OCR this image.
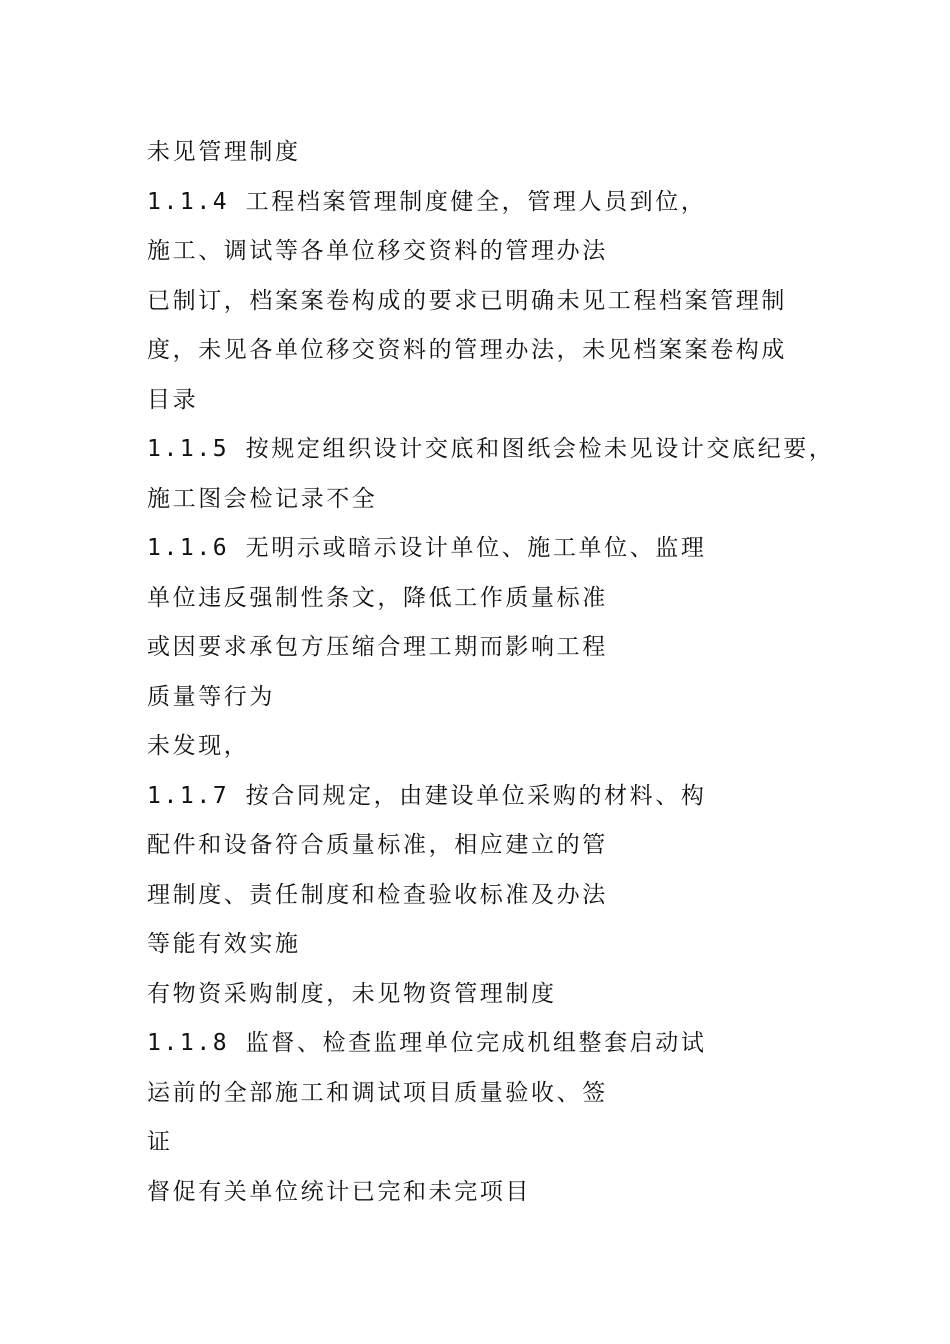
未见管理制度
1.1.4 工程档案管理制度健全，管理人员到位，
施工、调试等各单位移交资料的管理办法
已制订，档案案卷构成的要求已明确未见工程档案管理制
度，未见各单位移交资料的管理办法，未见档案案卷构成
目录
1.1.5 按规定组织设计交底和图纸会检未见设计交底纪要，
施工图会检记录不全
1.1.6 无明示或暗示设计单位、施工单位、监理
单位违反强制性条文，降低工作质量标准
或因要求承包方压缩合理工期而影响工程
质量等行为
未发现，
1.1.7 按合同规定，由建设单位采购的材料、构
配件和设备符合质量标准，相应建立的管
理制度、责任制度和检查验收标准及办法
等能有效实施
有物资采购制度，未见物资管理制度
1.1.8 监督、检查监理单位完成机组整套启动试
运前的全部施工和调试项目质量验收、签
证
督促有关单位统计已完和未完项目
